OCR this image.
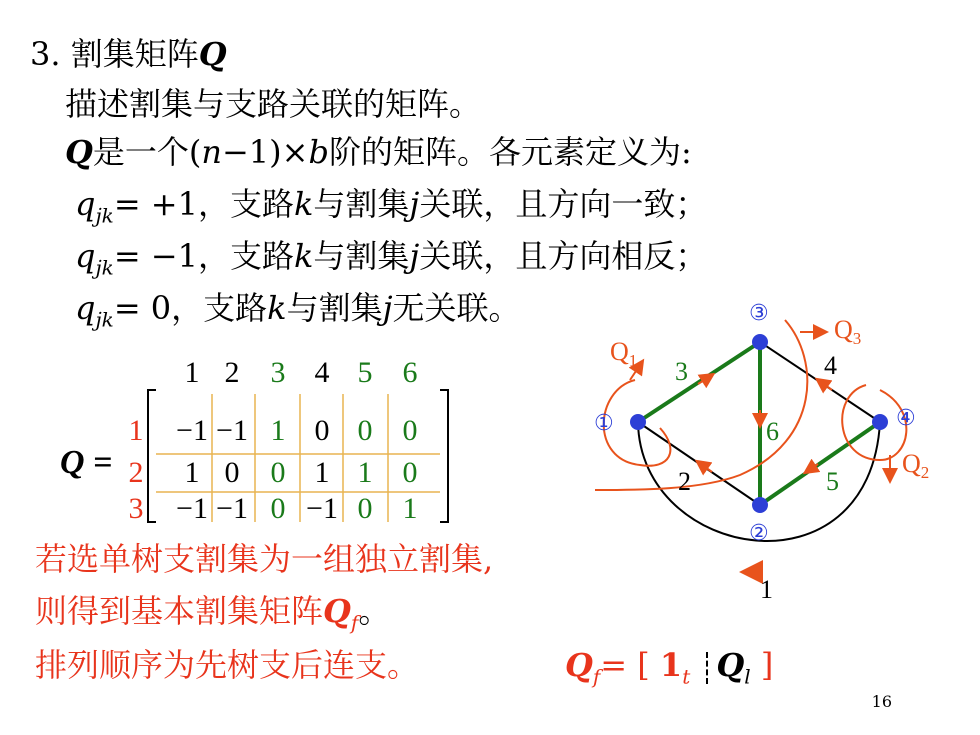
3. 割集矩阵Q
描述割集与支路关联的矩阵。
Q是一个(n−1)×b阶的矩阵。各元素定义为:
$q_{jk}= +1$，支路k与割集j关联，且方向一致；
$q_{jk}= -1$，支路k与割集j关联，且方向相反；
$q_{jk}= 0$，支路k与割集j无关联。
Q =
1 2 3 4 5 6
1
2
3
−1 −1 1 0 0 0
1 0 0 1 1 0
−1 −1 0 −1 0 1
①
②
③
④
1
2
3	4
5
6
$Q_1$
$Q_2$
$Q_3$
若选单树支割集为一组独立割集,
则得到基本割集矩阵$Q_f$。
排列顺序为先树支后连支。	$Q_f=$ [ $1_t$ $Q_l$ ]
16
